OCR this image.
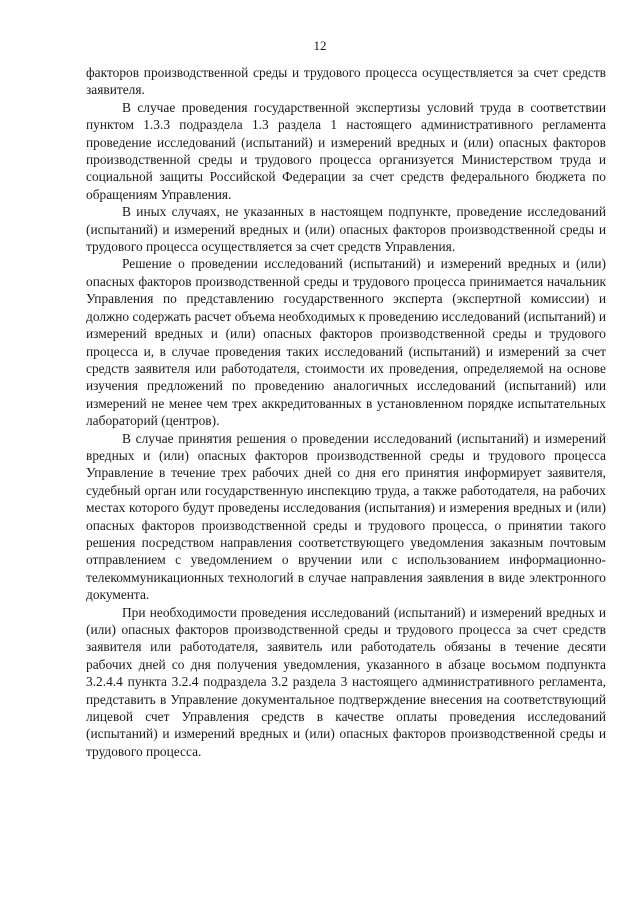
12

факторов производственной среды и трудового процесса осуществляется за счет средств заявителя.

В случае проведения государственной экспертизы условий труда в соответствии пунктом 1.3.3 подраздела 1.3 раздела 1 настоящего административного регламента проведение исследований (испытаний) и измерений вредных и (или) опасных факторов производственной среды и трудового процесса организуется Министерством труда и социальной защиты Российской Федерации за счет средств федерального бюджета по обращениям Управления.

В иных случаях, не указанных в настоящем подпункте, проведение исследований (испытаний) и измерений вредных и (или) опасных факторов производственной среды и трудового процесса осуществляется за счет средств Управления.

Решение о проведении исследований (испытаний) и измерений вредных и (или) опасных факторов производственной среды и трудового процесса принимается начальник Управления по представлению государственного эксперта (экспертной комиссии) и должно содержать расчет объема необходимых к проведению исследований (испытаний) и измерений вредных и (или) опасных факторов производственной среды и трудового процесса и, в случае проведения таких исследований (испытаний) и измерений за счет средств заявителя или работодателя, стоимости их проведения, определяемой на основе изучения предложений по проведению аналогичных исследований (испытаний) или измерений не менее чем трех аккредитованных в установленном порядке испытательных лабораторий (центров).

В случае принятия решения о проведении исследований (испытаний) и измерений вредных и (или) опасных факторов производственной среды и трудового процесса Управление в течение трех рабочих дней со дня его принятия информирует заявителя, судебный орган или государственную инспекцию труда, а также работодателя, на рабочих местах которого будут проведены исследования (испытания) и измерения вредных и (или) опасных факторов производственной среды и трудового процесса, о принятии такого решения посредством направления соответствующего уведомления заказным почтовым отправлением с уведомлением о вручении или с использованием информационно-телекоммуникационных технологий в случае направления заявления в виде электронного документа.

При необходимости проведения исследований (испытаний) и измерений вредных и (или) опасных факторов производственной среды и трудового процесса за счет средств заявителя или работодателя, заявитель или работодатель обязаны в течение десяти рабочих дней со дня получения уведомления, указанного в абзаце восьмом подпункта 3.2.4.4 пункта 3.2.4 подраздела 3.2 раздела 3 настоящего административного регламента, представить в Управление документальное подтверждение внесения на соответствующий лицевой счет Управления средств в качестве оплаты проведения исследований (испытаний) и измерений вредных и (или) опасных факторов производственной среды и трудового процесса.
